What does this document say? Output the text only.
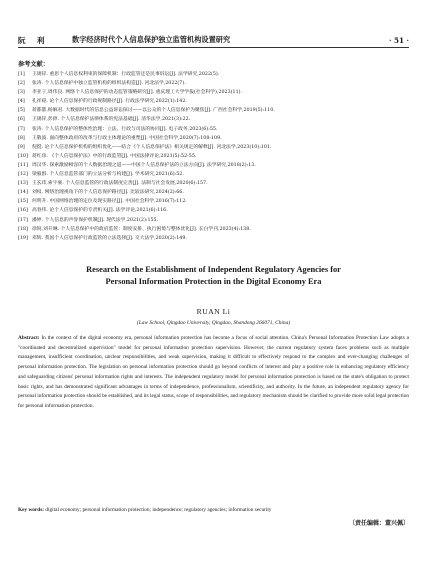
阮　利	数字经济时代个人信息保护独立监管机构设置研究	· 51 ·
参考文献：
[1]	王锡锌. 重思个人信息权利束的保障机制：行政监管还是民事诉讼[J]. 法学研究,2022(5).
[2]	张涛. 个人信息保护中独立监管机构的组织法构造[J]. 河北法学,2022(7).
[3]	李亚子,周伟良. 网络个人信息保护的动态监管策略研究[J]. 重庆理工大学学报(社会科学),2023(11).
[4]	孔祥稳. 论个人信息保护的行政规制路径[J]. 行政法学研究,2022(1):142.
[5]	蒋都都,杨解君. 大数据时代的信息公益诉讼探讨——以公众的个人信息保护为聚焦[J]. 广西社会科学,2019(5):110.
[6]	王锡锌,彭錞. 个人信息保护法律体系的宪法基础[J]. 清华法学,2021(3):22.
[7]	张涛. 个人信息保护的整体性治理：立法、行政与司法的协同[J]. 电子政务,2023(6):55.
[8]	王敬波. 面向整体政府的改革与行政主体理论的重塑[J]. 中国社会科学,2020(7):108-109.
[9]	倪挺. 论个人信息保护机构的组织优化——结合《个人信息保护法》相关规定的解释[J]. 河北法学,2023(10):101.
[10] 蒋红珍. 《个人信息保护法》中的行政监管[J]. 中国法律评论,2021(5):52-55.
[11] 周汉华. 探索激励相容的个人数据治理之道——中国个人信息保护法的立法方向[J]. 法学研究,2018(2):13.
[12] 梁毅群. 个人信息监管部门的立法分析与构建[J]. 学术研究,2021(6):52.
[13] 王玄玮,索宇豪. 个人信息监管的行政法制度完善[J]. 法制与社会发展,2020(6):157.
[14] 刘权. 网络治理视角下的个人信息保护路径[J]. 比较法研究,2024(2):66.
[15] 何明升. 中国网络治理的定位及现实路径[J]. 中国社会科学,2016(7):112.
[16] 高春伟. 论个人信息保护的专责机关[J]. 法学评论,2021(6):116.
[17] 潘婷. 个人信息的声誉保护机制[J]. 现代法学,2021(2):155.
[18] 徐锐,刘开琳. 个人信息保护中的政府监管：制度安排、执行困境与整体优化[J]. 长白学刊,2023(4):138.
[19] 邓辉. 我国个人信息保护行政监管的立法选择[J]. 交大法学,2020(2):149.
Research on the Establishment of Independent Regulatory Agencies for
Personal Information Protection in the Digital Economy Era
RUAN Li
(Law School, Qingdao University, Qingdao, Shandong 266071, China)
Abstract: In the context of the digital economy era, personal information protection has become a focus of social attention. China's Personal Information Protection Law adopts a "coordinated and decentralized supervision" model for personal information protection supervision. However, the current regulatory system faces problems such as multiple management, insufficient coordination, unclear responsibilities, and weak supervision, making it difficult to effectively respond to the complex and ever-changing challenges of personal information protection. The legislation on personal information protection should go beyond conflicts of interest and play a positive role in enhancing regulatory efficiency and safeguarding citizens' personal information rights and interests. The independent regulatory model for personal information protection is based on the state's obligation to protect basic rights, and has demonstrated significant advantages in terms of independence, professionalism, scientificity, and authority. In the future, an independent regulatory agency for personal information protection should be established, and its legal status, scope of responsibilities, and regulatory mechanism should be clarified to provide more solid legal protection for personal information protection.
Key words: digital economy; personal information protection; independence; regulatory agencies; information security
〔责任编辑：董兴佩〕
